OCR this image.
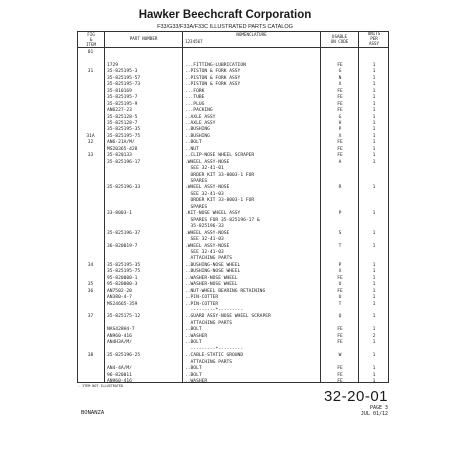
Hawker Beechcraft Corporation
F33/G33/F33A/F33C ILLUSTRATED PARTS CATALOG
FIG
&
ITEM
PART NUMBER
NOMENCLATURE
1234567
USABLE
ON CODE
UNITS
PER
ASSY
01
1729	...FITTING-LUBRICATION	FE	1
31	35-825195-3	..PISTON & FORK ASSY	G	1
35-825195-57	..PISTON & FORK ASSY	N	1
35-825195-73	..PISTON & FORK ASSY	X	1
35-810169	...FORK	FE	1
35-825195-7	...TUBE	FE	1
35-825195-9	...PLUG	FE	1
AN6227-23	...PACKING	FE	1
35-825128-5	..AXLE ASSY	G	1
35-825128-7	..AXLE ASSY	H	1
35-825195-35	..BUSHING	P	1
31A	35-825195-75	..BUSHING	X	1
32	AN6-21A/M/	..BOLT	FE	1
MS20365-428	..NUT	FE	1
33	35-820133	..CLIP-NOSE WHEEL SCRAPER	FE	1
35-825196-17	.WHEEL ASSY-NOSE	A	1
SEE 32-41-01
ORDER KIT 33-8003-1 FOR
SPARES
35-825196-33	.WHEEL ASSY-NOSE	R	1
SEE 32-41-03
ORDER KIT 33-8003-1 FOR
SPARES
33-8003-1	.KIT-NOSE WHEEL ASSY	P	1
SPARES FOR 35-825196-17 &
35-825196-33
35-825196-37	.WHEEL ASSY-NOSE	S	1
SEE 32-41-03
36-820019-7	.WHEEL ASSY-NOSE	T	1
SEE 32-41-03
ATTACHING PARTS
34	35-825195-35	..BUSHING-NOSE WHEEL	P	1
35-825195-75	..BUSHING-NOSE WHEEL	X	1
95-820000-1	..WASHER-NOSE WHEEL	FE	1
35	95-820000-3	..WASHER-NOSE WHEEL	U	1
36	AN7502-20	..NUT-WHEEL BEARING RETAINING	FE	1
AN380-4-7	..PIN-COTTER	U	1
MS24665-359	..PIN-COTTER	T	1
---------*---------
37	35-825175-12	..GUARD ASSY-NOSE WHEEL SCRAPER	Q	1
ATTACHING PARTS
NAS428H4-7	..BOLT	FE	1
AN960-416	..WASHER	FE	2
AN4H3A/M/	..BOLT	FE	1
---------*---------
38	35-825196-25	..CABLE-STATIC GROUND	W	1
ATTACHING PARTS
AN4-4A/M/	..BOLT	FE	1
96-820011	..BOLT	FE	1
AN960-416	..WASHER	FE	1
- ITEM NOT ILLUSTRATED
32-20-01
PAGE 3
JUL 01/12
BONANZA
